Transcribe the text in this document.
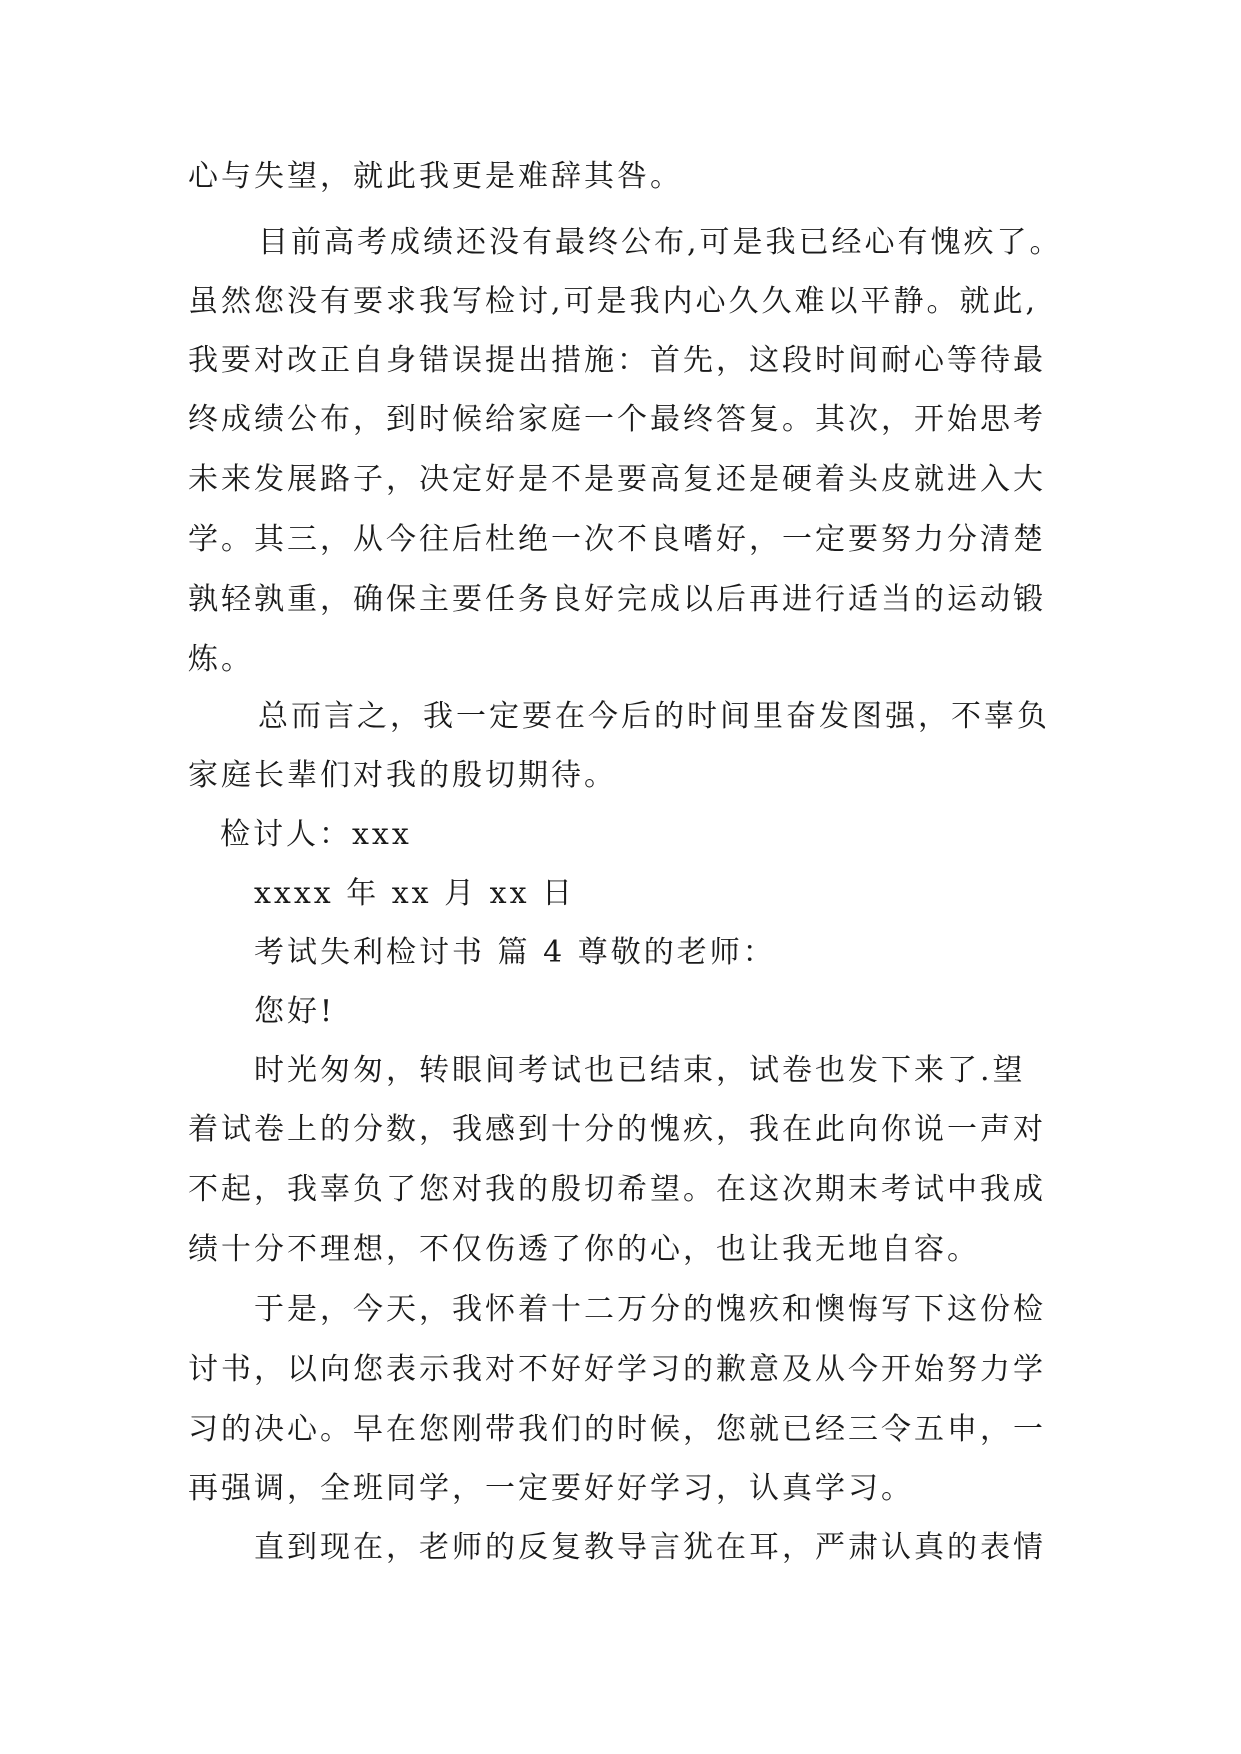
心与失望，就此我更是难辞其咎。
目前高考成绩还没有最终公布,可是我已经心有愧疚了。
虽然您没有要求我写检讨,可是我内心久久难以平静。就此,
我要对改正自身错误提出措施：首先，这段时间耐心等待最
终成绩公布，到时候给家庭一个最终答复。其次，开始思考
未来发展路子，决定好是不是要高复还是硬着头皮就进入大
学。其三，从今往后杜绝一次不良嗜好，一定要努力分清楚
孰轻孰重，确保主要任务良好完成以后再进行适当的运动锻
炼。
总而言之，我一定要在今后的时间里奋发图强，不辜负
家庭长辈们对我的殷切期待。
检讨人：xxx
xxxx 年 xx 月 xx 日
考试失利检讨书 篇 4 尊敬的老师：
您好!
时光匆匆，转眼间考试也已结束，试卷也发下来了.望
着试卷上的分数，我感到十分的愧疚，我在此向你说一声对
不起，我辜负了您对我的殷切希望。在这次期末考试中我成
绩十分不理想，不仅伤透了你的心，也让我无地自容。
于是，今天，我怀着十二万分的愧疚和懊悔写下这份检
讨书，以向您表示我对不好好学习的歉意及从今开始努力学
习的决心。早在您刚带我们的时候，您就已经三令五申，一
再强调，全班同学，一定要好好学习，认真学习。
直到现在，老师的反复教导言犹在耳，严肃认真的表情
